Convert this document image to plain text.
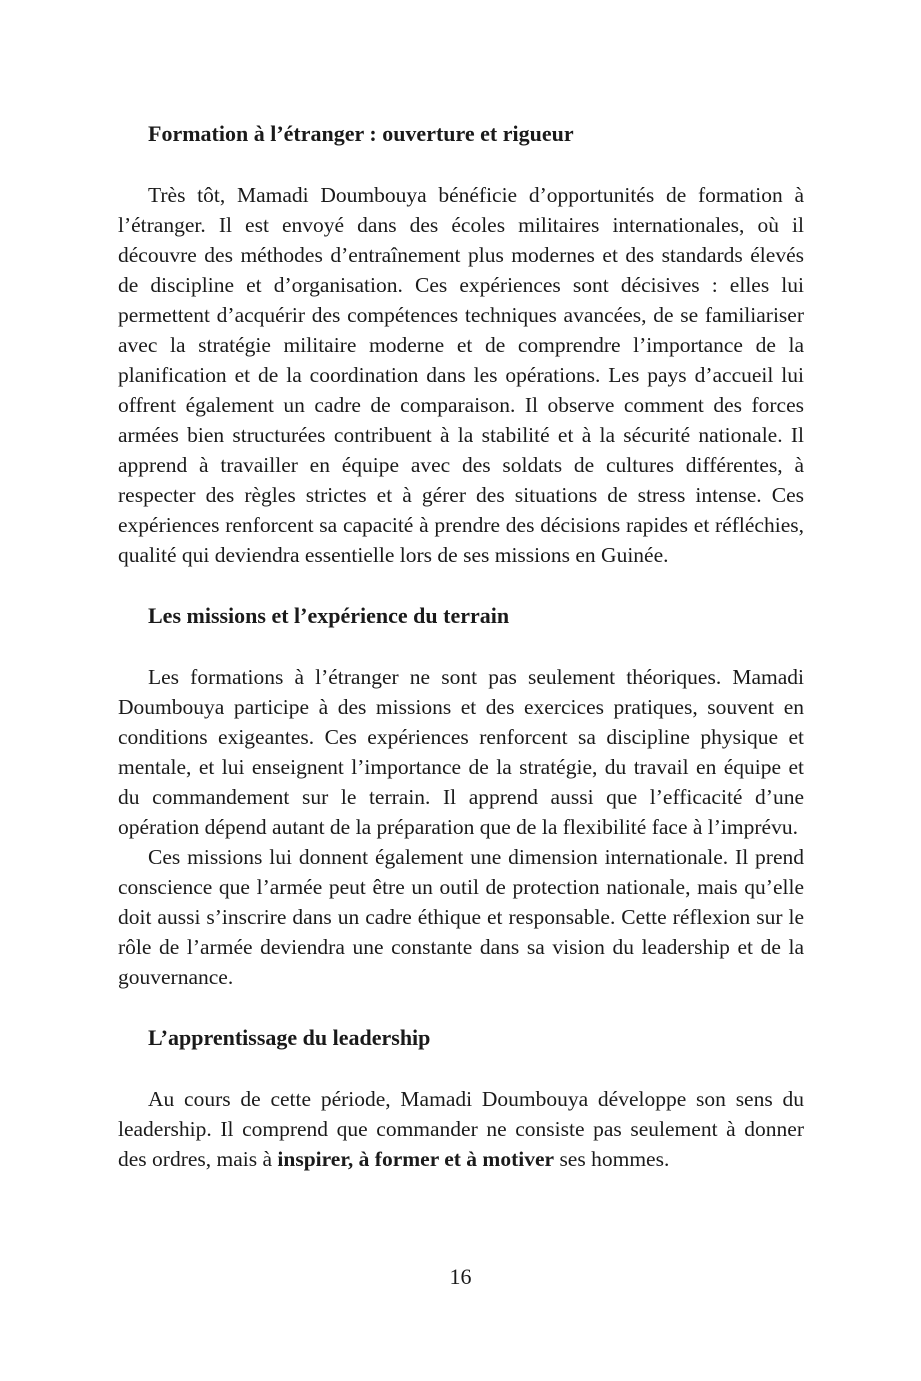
Formation à l’étranger : ouverture et rigueur

Très tôt, Mamadi Doumbouya bénéficie d’opportunités de formation à l’étranger. Il est envoyé dans des écoles militaires internationales, où il découvre des méthodes d’entraînement plus modernes et des standards élevés de discipline et d’organisation. Ces expériences sont décisives : elles lui permettent d’acquérir des compétences techniques avancées, de se familiariser avec la stratégie militaire moderne et de comprendre l’importance de la planification et de la coordination dans les opérations. Les pays d’accueil lui offrent également un cadre de comparaison. Il observe comment des forces armées bien structurées contribuent à la stabilité et à la sécurité nationale. Il apprend à travailler en équipe avec des soldats de cultures différentes, à respecter des règles strictes et à gérer des situations de stress intense. Ces expériences renforcent sa capacité à prendre des décisions rapides et réfléchies, qualité qui deviendra essentielle lors de ses missions en Guinée.

Les missions et l’expérience du terrain

Les formations à l’étranger ne sont pas seulement théoriques. Mamadi Doumbouya participe à des missions et des exercices pratiques, souvent en conditions exigeantes. Ces expériences renforcent sa discipline physique et mentale, et lui enseignent l’importance de la stratégie, du travail en équipe et du commandement sur le terrain. Il apprend aussi que l’efficacité d’une opération dépend autant de la préparation que de la flexibilité face à l’imprévu.

Ces missions lui donnent également une dimension internationale. Il prend conscience que l’armée peut être un outil de protection nationale, mais qu’elle doit aussi s’inscrire dans un cadre éthique et responsable. Cette réflexion sur le rôle de l’armée deviendra une constante dans sa vision du leadership et de la gouvernance.

L’apprentissage du leadership

Au cours de cette période, Mamadi Doumbouya développe son sens du leadership. Il comprend que commander ne consiste pas seulement à donner des ordres, mais à inspirer, à former et à motiver ses hommes.

16
